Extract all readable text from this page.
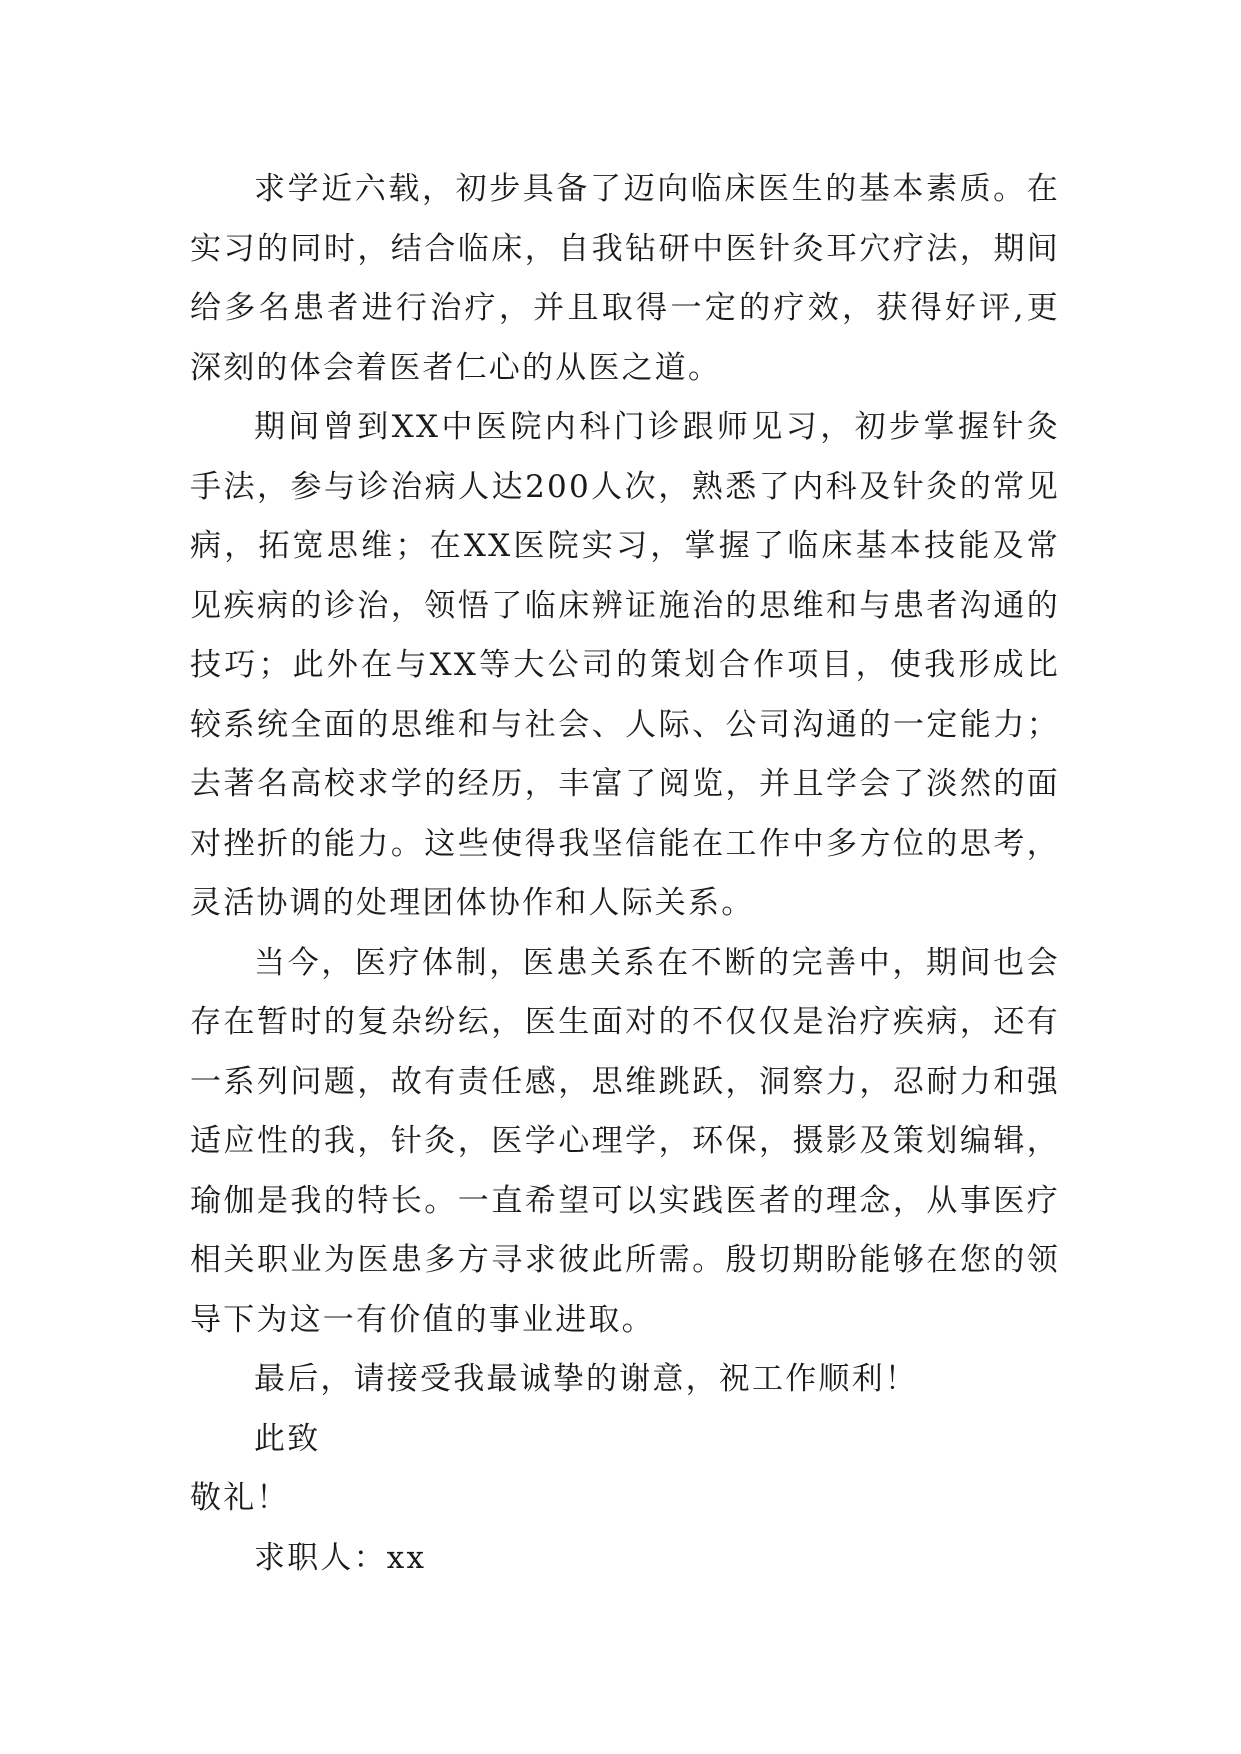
求学近六载，初步具备了迈向临床医生的基本素质。在实习的同时，结合临床，自我钻研中医针灸耳穴疗法，期间给多名患者进行治疗，并且取得一定的疗效，获得好评,更深刻的体会着医者仁心的从医之道。

期间曾到XX中医院内科门诊跟师见习，初步掌握针灸手法，参与诊治病人达200人次，熟悉了内科及针灸的常见病，拓宽思维；在XX医院实习，掌握了临床基本技能及常见疾病的诊治，领悟了临床辨证施治的思维和与患者沟通的技巧；此外在与XX等大公司的策划合作项目，使我形成比较系统全面的思维和与社会、人际、公司沟通的一定能力；去著名高校求学的经历，丰富了阅览，并且学会了淡然的面对挫折的能力。这些使得我坚信能在工作中多方位的思考，灵活协调的处理团体协作和人际关系。

当今，医疗体制，医患关系在不断的完善中，期间也会存在暂时的复杂纷纭，医生面对的不仅仅是治疗疾病，还有一系列问题，故有责任感，思维跳跃，洞察力，忍耐力和强适应性的我，针灸，医学心理学，环保，摄影及策划编辑，瑜伽是我的特长。一直希望可以实践医者的理念，从事医疗相关职业为医患多方寻求彼此所需。殷切期盼能够在您的领导下为这一有价值的事业进取。

最后，请接受我最诚挚的谢意，祝工作顺利！

此致

敬礼！

求职人：xx
